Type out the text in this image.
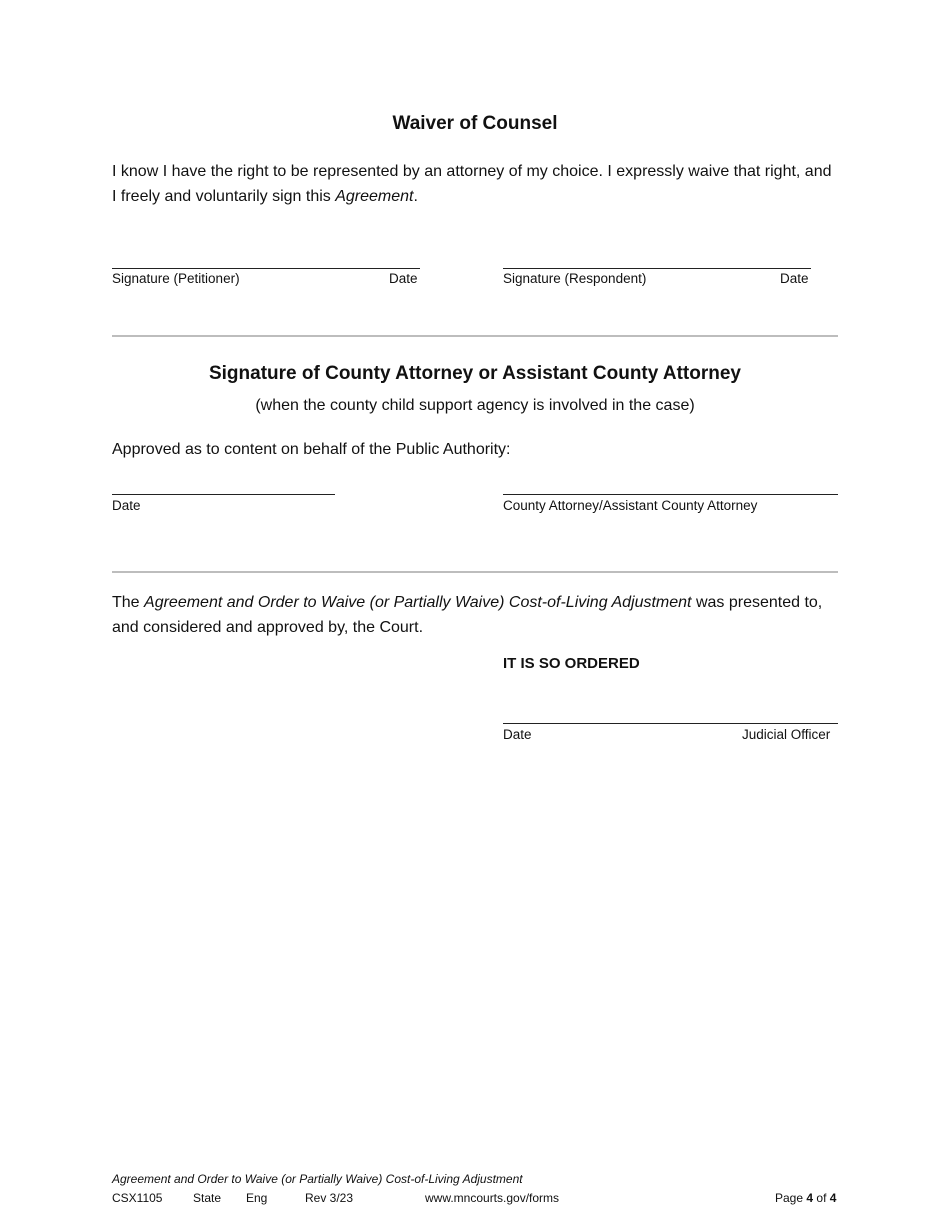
Waiver of Counsel
I know I have the right to be represented by an attorney of my choice. I expressly waive that right, and I freely and voluntarily sign this Agreement.
Signature (Petitioner)	Date	Signature (Respondent)	Date
Signature of County Attorney or Assistant County Attorney
(when the county child support agency is involved in the case)
Approved as to content on behalf of the Public Authority:
Date	County Attorney/Assistant County Attorney
The Agreement and Order to Waive (or Partially Waive) Cost-of-Living Adjustment was presented to, and considered and approved by, the Court.
IT IS SO ORDERED
Date	Judicial Officer
Agreement and Order to Waive (or Partially Waive) Cost-of-Living Adjustment
CSX1105	State Eng	Rev 3/23	www.mncourts.gov/forms	Page 4 of 4
